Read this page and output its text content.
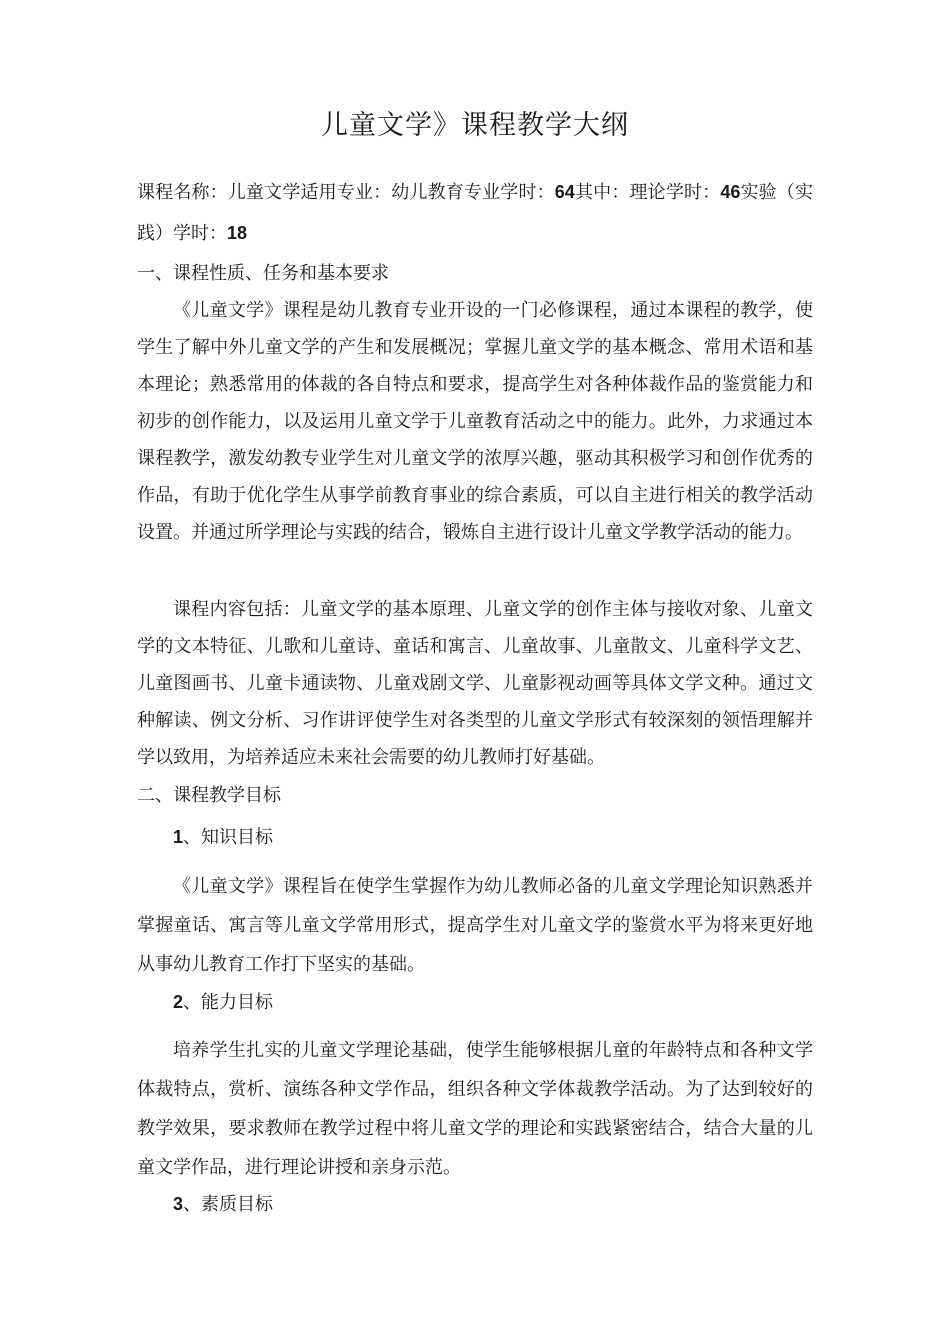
儿童文学》课程教学大纲
课程名称：儿童文学适用专业：幼儿教育专业学时：64其中：理论学时：46实验（实践）学时：18
一、课程性质、任务和基本要求
《儿童文学》课程是幼儿教育专业开设的一门必修课程，通过本课程的教学，使学生了解中外儿童文学的产生和发展概况；掌握儿童文学的基本概念、常用术语和基本理论；熟悉常用的体裁的各自特点和要求，提高学生对各种体裁作品的鉴赏能力和初步的创作能力，以及运用儿童文学于儿童教育活动之中的能力。此外，力求通过本课程教学，激发幼教专业学生对儿童文学的浓厚兴趣，驱动其积极学习和创作优秀的作品，有助于优化学生从事学前教育事业的综合素质，可以自主进行相关的教学活动设置。并通过所学理论与实践的结合，锻炼自主进行设计儿童文学教学活动的能力。
课程内容包括：儿童文学的基本原理、儿童文学的创作主体与接收对象、儿童文学的文本特征、儿歌和儿童诗、童话和寓言、儿童故事、儿童散文、儿童科学文艺、儿童图画书、儿童卡通读物、儿童戏剧文学、儿童影视动画等具体文学文种。通过文种解读、例文分析、习作讲评使学生对各类型的儿童文学形式有较深刻的领悟理解并学以致用，为培养适应未来社会需要的幼儿教师打好基础。
二、课程教学目标
1、知识目标
《儿童文学》课程旨在使学生掌握作为幼儿教师必备的儿童文学理论知识熟悉并掌握童话、寓言等儿童文学常用形式，提高学生对儿童文学的鉴赏水平为将来更好地从事幼儿教育工作打下坚实的基础。
2、能力目标
培养学生扎实的儿童文学理论基础，使学生能够根据儿童的年龄特点和各种文学体裁特点，赏析、演练各种文学作品，组织各种文学体裁教学活动。为了达到较好的教学效果，要求教师在教学过程中将儿童文学的理论和实践紧密结合，结合大量的儿童文学作品，进行理论讲授和亲身示范。
3、素质目标
